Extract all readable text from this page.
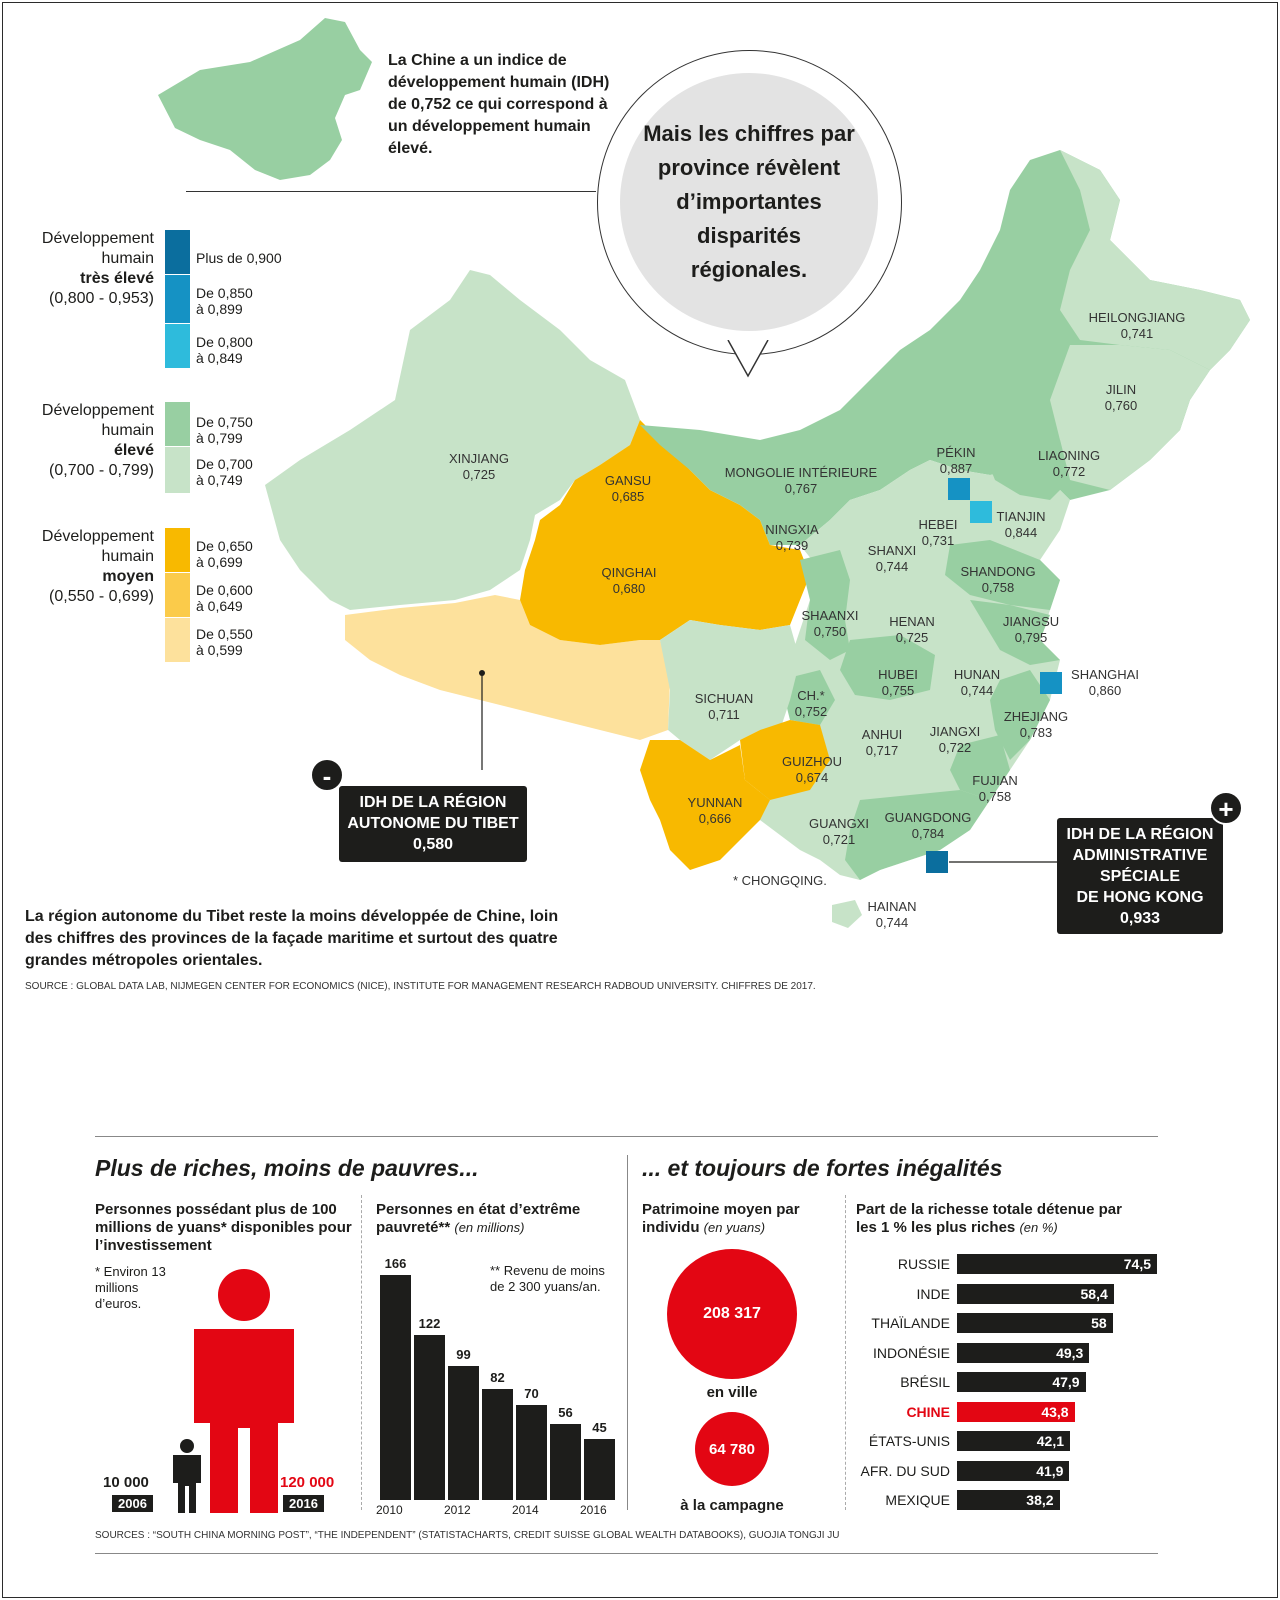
Mais les chiffres par province révèlent d’importantes disparités régionales.
La Chine a un indice de développement humain (IDH) de 0,752 ce qui correspond à un développement humain élevé.
Développement
humain
très élevé
(0,800 - 0,953)
Développement
humain
élevé
(0,700 - 0,799)
Développement
humain
moyen
(0,550 - 0,699)
Plus de 0,900
De 0,850
à 0,899
De 0,800
à 0,849
De 0,750
à 0,799
De 0,700
à 0,749
De 0,650
à 0,699
De 0,600
à 0,649
De 0,550
à 0,599
XINJIANG
0,725	GANSU
0,685
QINGHAI
0,680
MONGOLIE INTÉRIEURE
0,767
NINGXIA
0,739
HEILONGJIANG
0,741
JILIN
0,760
LIAONING
0,772
PÉKIN
0,887
TIANJIN
0,844
HEBEI
0,731
SHANXI
0,744	SHANDONG
0,758
SHAANXI
0,750
HENAN
0,725
JIANGSU
0,795
SHANGHAI
0,860
HUBEI
0,755
HUNAN
0,744
SICHUAN
0,711
CH.*
0,752	ZHEJIANG
0,783
ANHUI
0,717
JIANGXI
0,722
GUIZHOU
0,674	FUJIAN
0,758
YUNNAN
0,666	GUANGXI
0,721
GUANGDONG
0,784
HAINAN
0,744
* CHONGQING.
IDH DE LA RÉGION
AUTONOME DU TIBET
0,580
-
IDH DE LA RÉGION
ADMINISTRATIVE
SPÉCIALE
DE HONG KONG
0,933
+
La région autonome du Tibet reste la moins développée de Chine, loin des chiffres des provinces de la façade maritime et surtout des quatre grandes métropoles orientales.
SOURCE : GLOBAL DATA LAB, NIJMEGEN CENTER FOR ECONOMICS (NICE), INSTITUTE FOR MANAGEMENT RESEARCH RADBOUD UNIVERSITY. CHIFFRES DE 2017.
Plus de riches, moins de pauvres...	... et toujours de fortes inégalités
Personnes possédant plus de 100 millions de yuans* disponibles pour l’investissement
* Environ 13 millions d’euros.
10 000
2006
120 000
2016
Personnes en état d’extrême pauvreté** (en millions)
** Revenu de moins de 2 300 yuans/an.
166
122
99
82
70
56
45
2010	2012	2014	2016
Patrimoine moyen par individu (en yuans)
208 317
en ville
64 780
à la campagne
Part de la richesse totale détenue par les 1 % les plus riches (en %)
SOURCES : “SOUTH CHINA MORNING POST”, “THE INDEPENDENT” (STATISTACHARTS, CREDIT SUISSE GLOBAL WEALTH DATABOOKS), GUOJIA TONGJI JU
RUSSIE	74,5
INDE	58,4
THAÏLANDE	58
INDONÉSIE	49,3
BRÉSIL	47,9
CHINE	43,8
ÉTATS-UNIS	42,1
AFR. DU SUD	41,9
MEXIQUE	38,2
